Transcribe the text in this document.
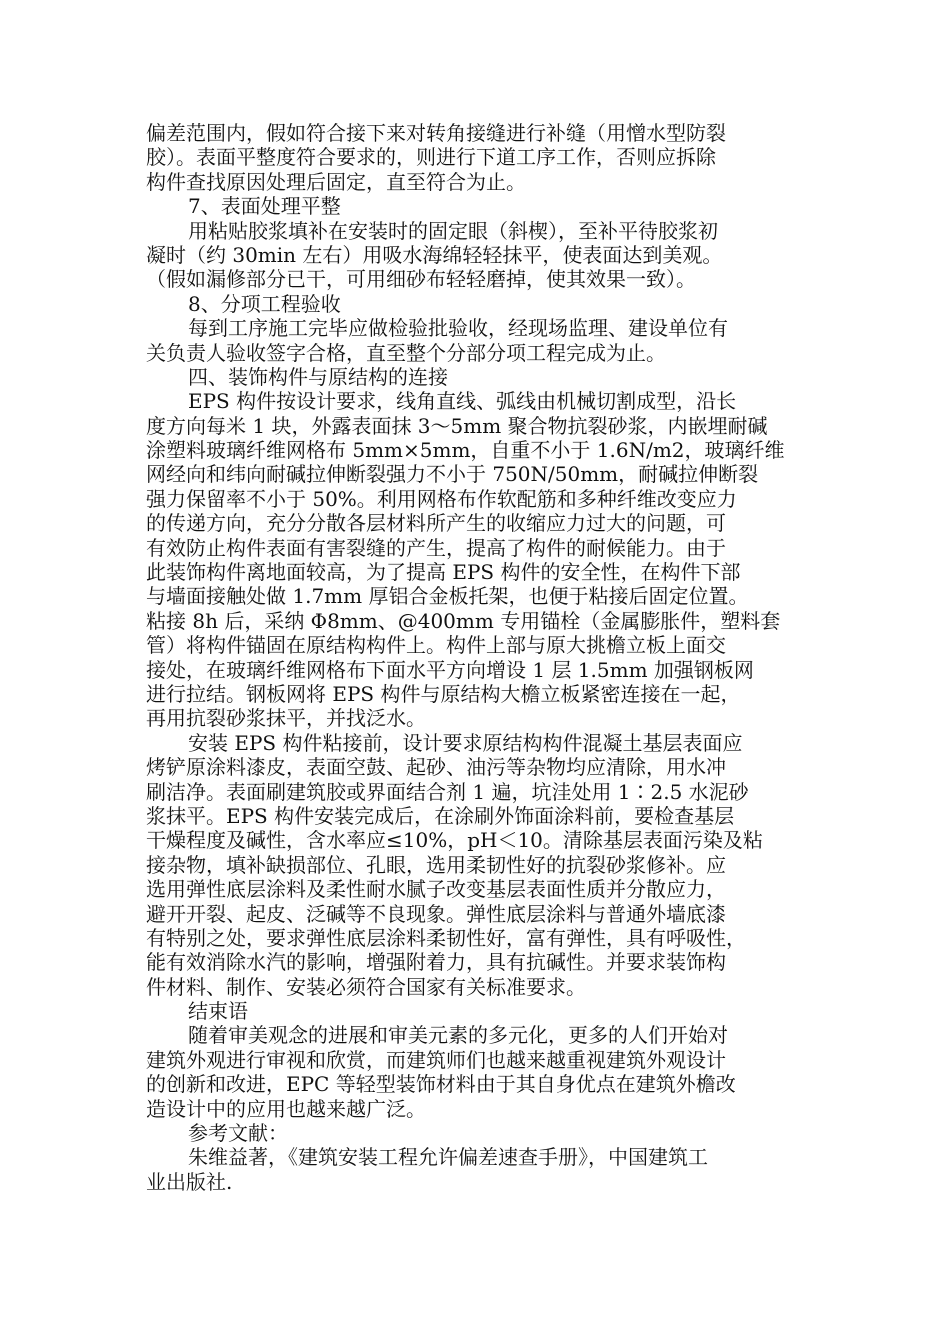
偏差范围内，假如符合接下来对转角接缝进行补缝（用憎水型防裂
胶）。表面平整度符合要求的，则进行下道工序工作，否则应拆除
构件查找原因处理后固定，直至符合为止。
7、表面处理平整
用粘贴胶浆填补在安装时的固定眼（斜楔），至补平待胶浆初
凝时（约 30min 左右）用吸水海绵轻轻抹平，使表面达到美观。
（假如漏修部分已干，可用细砂布轻轻磨掉，使其效果一致）。
8、分项工程验收
每到工序施工完毕应做检验批验收，经现场监理、建设单位有
关负责人验收签字合格，直至整个分部分项工程完成为止。
四、装饰构件与原结构的连接
EPS 构件按设计要求，线角直线、弧线由机械切割成型，沿长
度方向每米 1 块，外露表面抹 3～5mm 聚合物抗裂砂浆，内嵌埋耐碱
涂塑料玻璃纤维网格布 5mm×5mm，自重不小于 1.6N/m2，玻璃纤维
网经向和纬向耐碱拉伸断裂强力不小于 750N/50mm，耐碱拉伸断裂
强力保留率不小于 50%。利用网格布作软配筋和多种纤维改变应力
的传递方向，充分分散各层材料所产生的收缩应力过大的问题，可
有效防止构件表面有害裂缝的产生，提高了构件的耐候能力。由于
此装饰构件离地面较高，为了提高 EPS 构件的安全性，在构件下部
与墙面接触处做 1.7mm 厚铝合金板托架，也便于粘接后固定位置。
粘接 8h 后，采纳 Φ8mm、@400mm 专用锚栓（金属膨胀件，塑料套
管）将构件锚固在原结构构件上。构件上部与原大挑檐立板上面交
接处，在玻璃纤维网格布下面水平方向增设 1 层 1.5mm 加强钢板网
进行拉结。钢板网将 EPS 构件与原结构大檐立板紧密连接在一起，
再用抗裂砂浆抹平，并找泛水。
安装 EPS 构件粘接前，设计要求原结构构件混凝土基层表面应
烤铲原涂料漆皮，表面空鼓、起砂、油污等杂物均应清除，用水冲
刷洁净。表面刷建筑胶或界面结合剂 1 遍，坑洼处用 1∶2.5 水泥砂
浆抹平。EPS 构件安装完成后，在涂刷外饰面涂料前，要检查基层
干燥程度及碱性，含水率应≤10%，pH＜10。清除基层表面污染及粘
接杂物，填补缺损部位、孔眼，选用柔韧性好的抗裂砂浆修补。应
选用弹性底层涂料及柔性耐水腻子改变基层表面性质并分散应力，
避开开裂、起皮、泛碱等不良现象。弹性底层涂料与普通外墙底漆
有特别之处，要求弹性底层涂料柔韧性好，富有弹性，具有呼吸性，
能有效消除水汽的影响，增强附着力，具有抗碱性。并要求装饰构
件材料、制作、安装必须符合国家有关标准要求。
结束语
随着审美观念的进展和审美元素的多元化，更多的人们开始对
建筑外观进行审视和欣赏，而建筑师们也越来越重视建筑外观设计
的创新和改进，EPC 等轻型装饰材料由于其自身优点在建筑外檐改
造设计中的应用也越来越广泛。
参考文献：
朱维益著，《建筑安装工程允许偏差速查手册》，中国建筑工
业出版社.
